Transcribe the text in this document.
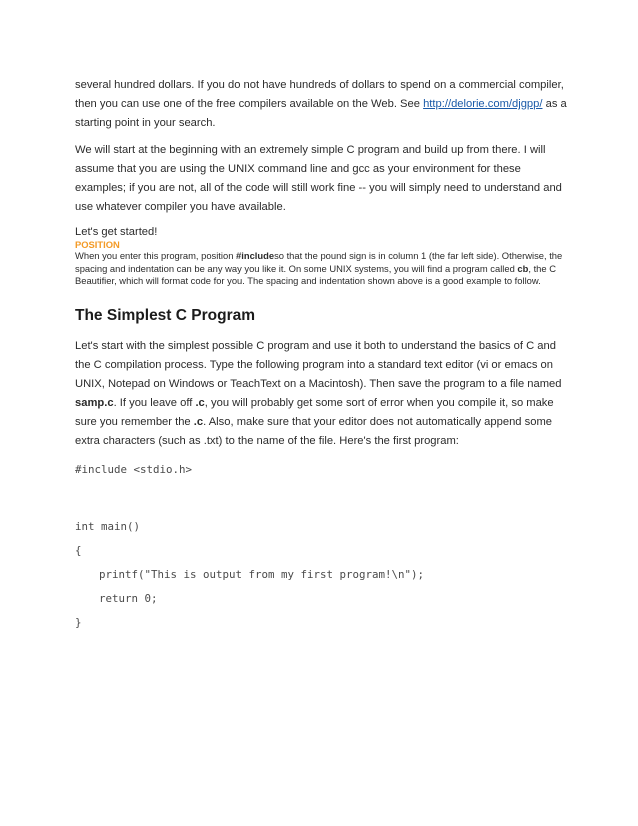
several hundred dollars. If you do not have hundreds of dollars to spend on a commercial compiler, then you can use one of the free compilers available on the Web. See http://delorie.com/djgpp/ as a starting point in your search.

We will start at the beginning with an extremely simple C program and build up from there. I will assume that you are using the UNIX command line and gcc as your environment for these examples; if you are not, all of the code will still work fine -- you will simply need to understand and use whatever compiler you have available.

Let's get started!

POSITION

When you enter this program, position #includeso that the pound sign is in column 1 (the far left side). Otherwise, the spacing and indentation can be any way you like it. On some UNIX systems, you will find a program called cb, the C Beautifier, which will format code for you. The spacing and indentation shown above is a good example to follow.

The Simplest C Program

Let's start with the simplest possible C program and use it both to understand the basics of C and the C compilation process. Type the following program into a standard text editor (vi or emacs on UNIX, Notepad on Windows or TeachText on a Macintosh). Then save the program to a file named samp.c. If you leave off .c, you will probably get some sort of error when you compile it, so make sure you remember the .c. Also, make sure that your editor does not automatically append some extra characters (such as .txt) to the name of the file. Here's the first program:

#include <stdio.h>
int main()
{
printf("This is output from my first program!\n");
return 0;
}
